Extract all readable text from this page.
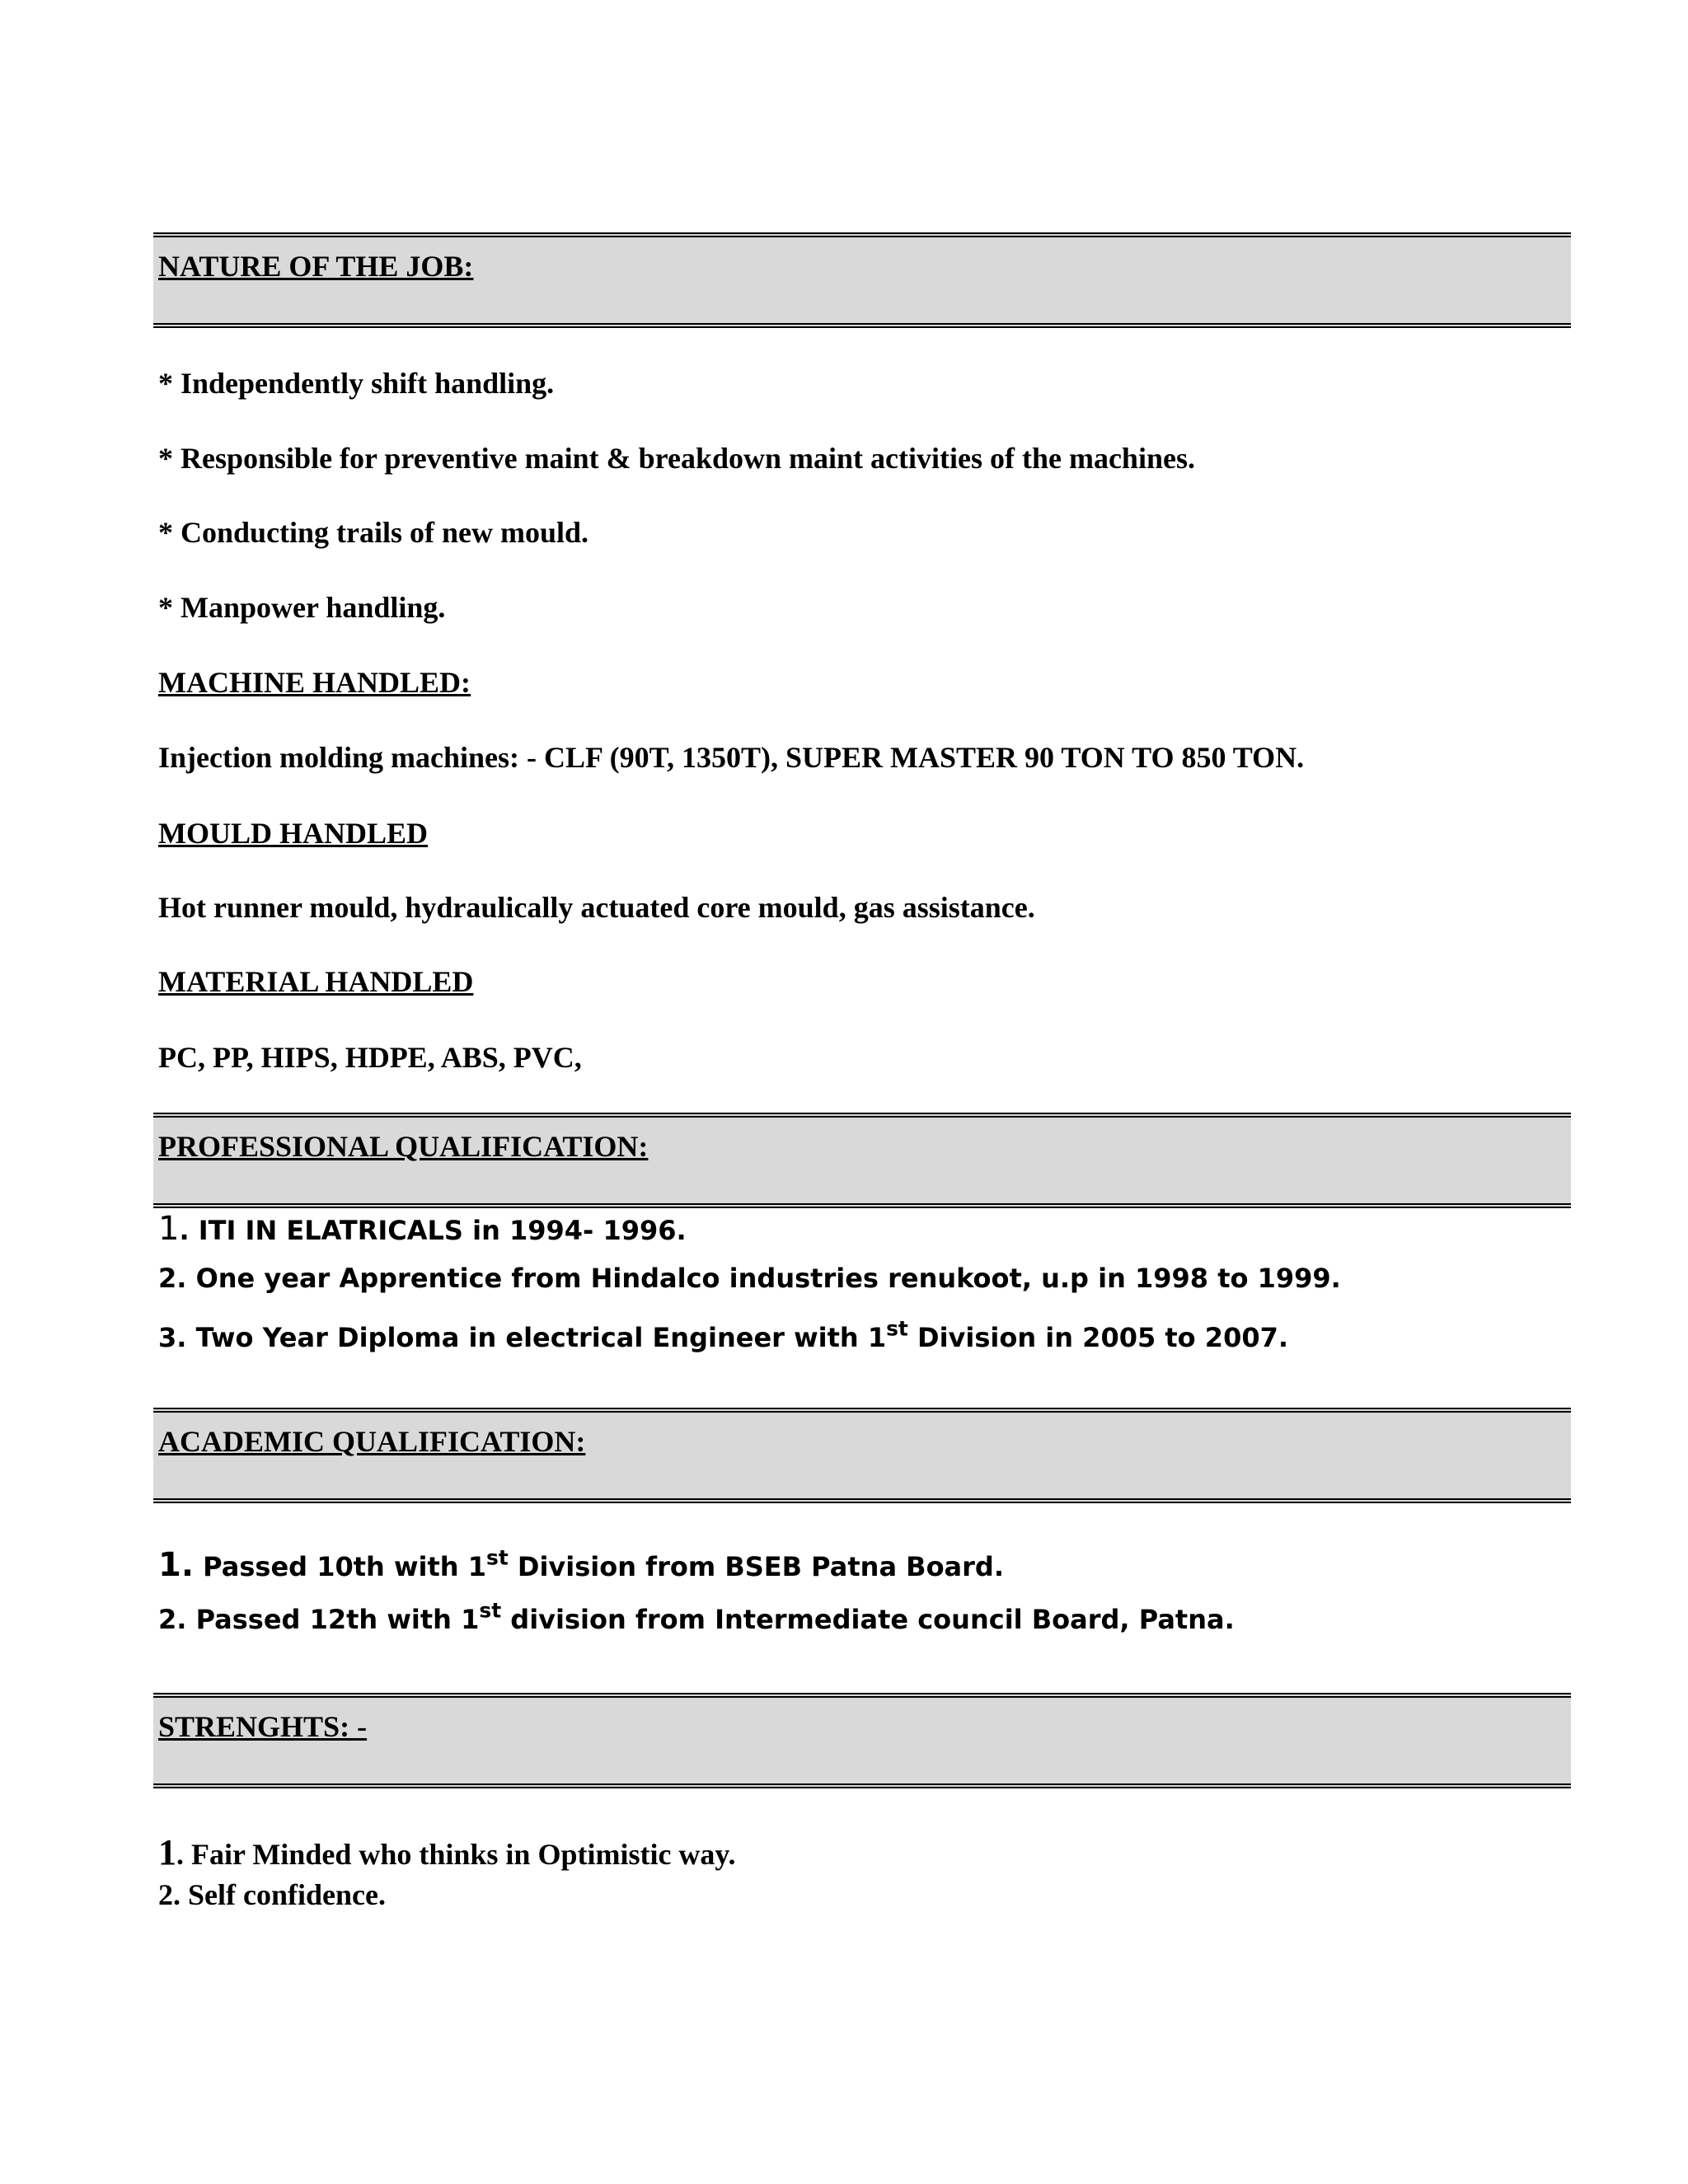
NATURE OF THE JOB:
* Independently shift handling.
* Responsible for preventive maint & breakdown maint activities of the machines.
* Conducting trails of new mould.
* Manpower handling.
MACHINE HANDLED:
Injection molding machines: - CLF (90T, 1350T), SUPER MASTER 90 TON TO 850 TON.
MOULD HANDLED
Hot runner mould, hydraulically actuated core mould, gas assistance.
MATERIAL HANDLED
PC, PP, HIPS, HDPE, ABS, PVC,
PROFESSIONAL QUALIFICATION:
1. ITI IN ELATRICALS in 1994- 1996.
2. One year Apprentice from Hindalco industries renukoot, u.p in 1998 to 1999.
3. Two Year Diploma in electrical Engineer with 1st Division in 2005 to 2007.
ACADEMIC QUALIFICATION:
1. Passed 10th with 1st Division from BSEB Patna Board.
2. Passed 12th with 1st division from Intermediate council Board, Patna.
STRENGHTS: -
1. Fair Minded who thinks in Optimistic way.
2. Self confidence.
